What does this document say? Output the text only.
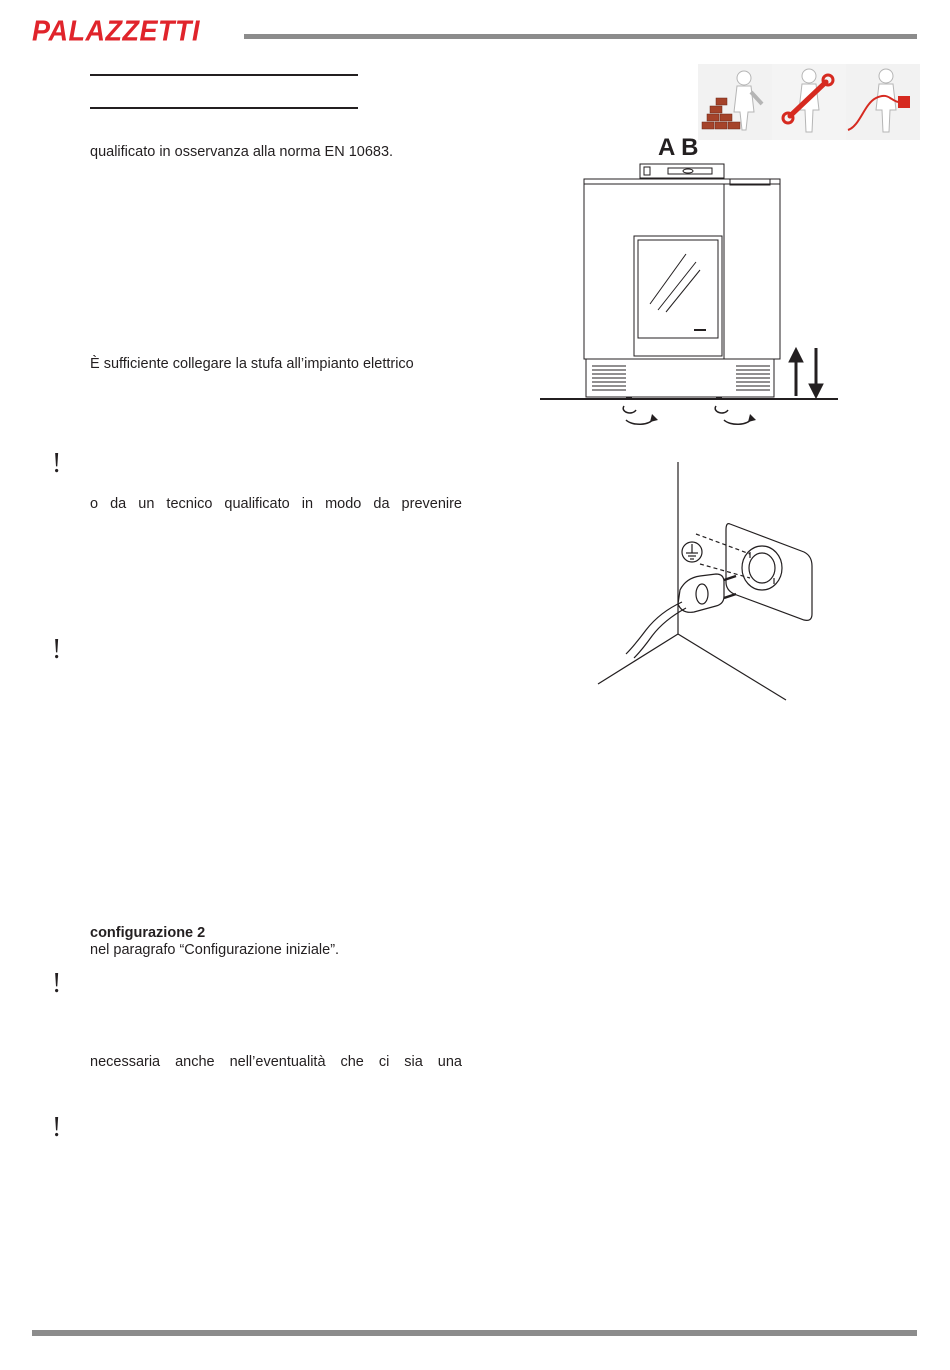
PALAZZETTI
qualificato in osservanza alla norma EN 10683.
È sufficiente collegare la stufa all’impianto elettrico
o da un tecnico qualificato in modo da prevenire
configurazione 2
nel paragrafo “Configurazione iniziale”.
necessaria anche nell’eventualità che ci sia una
!
!
!
!
A B
